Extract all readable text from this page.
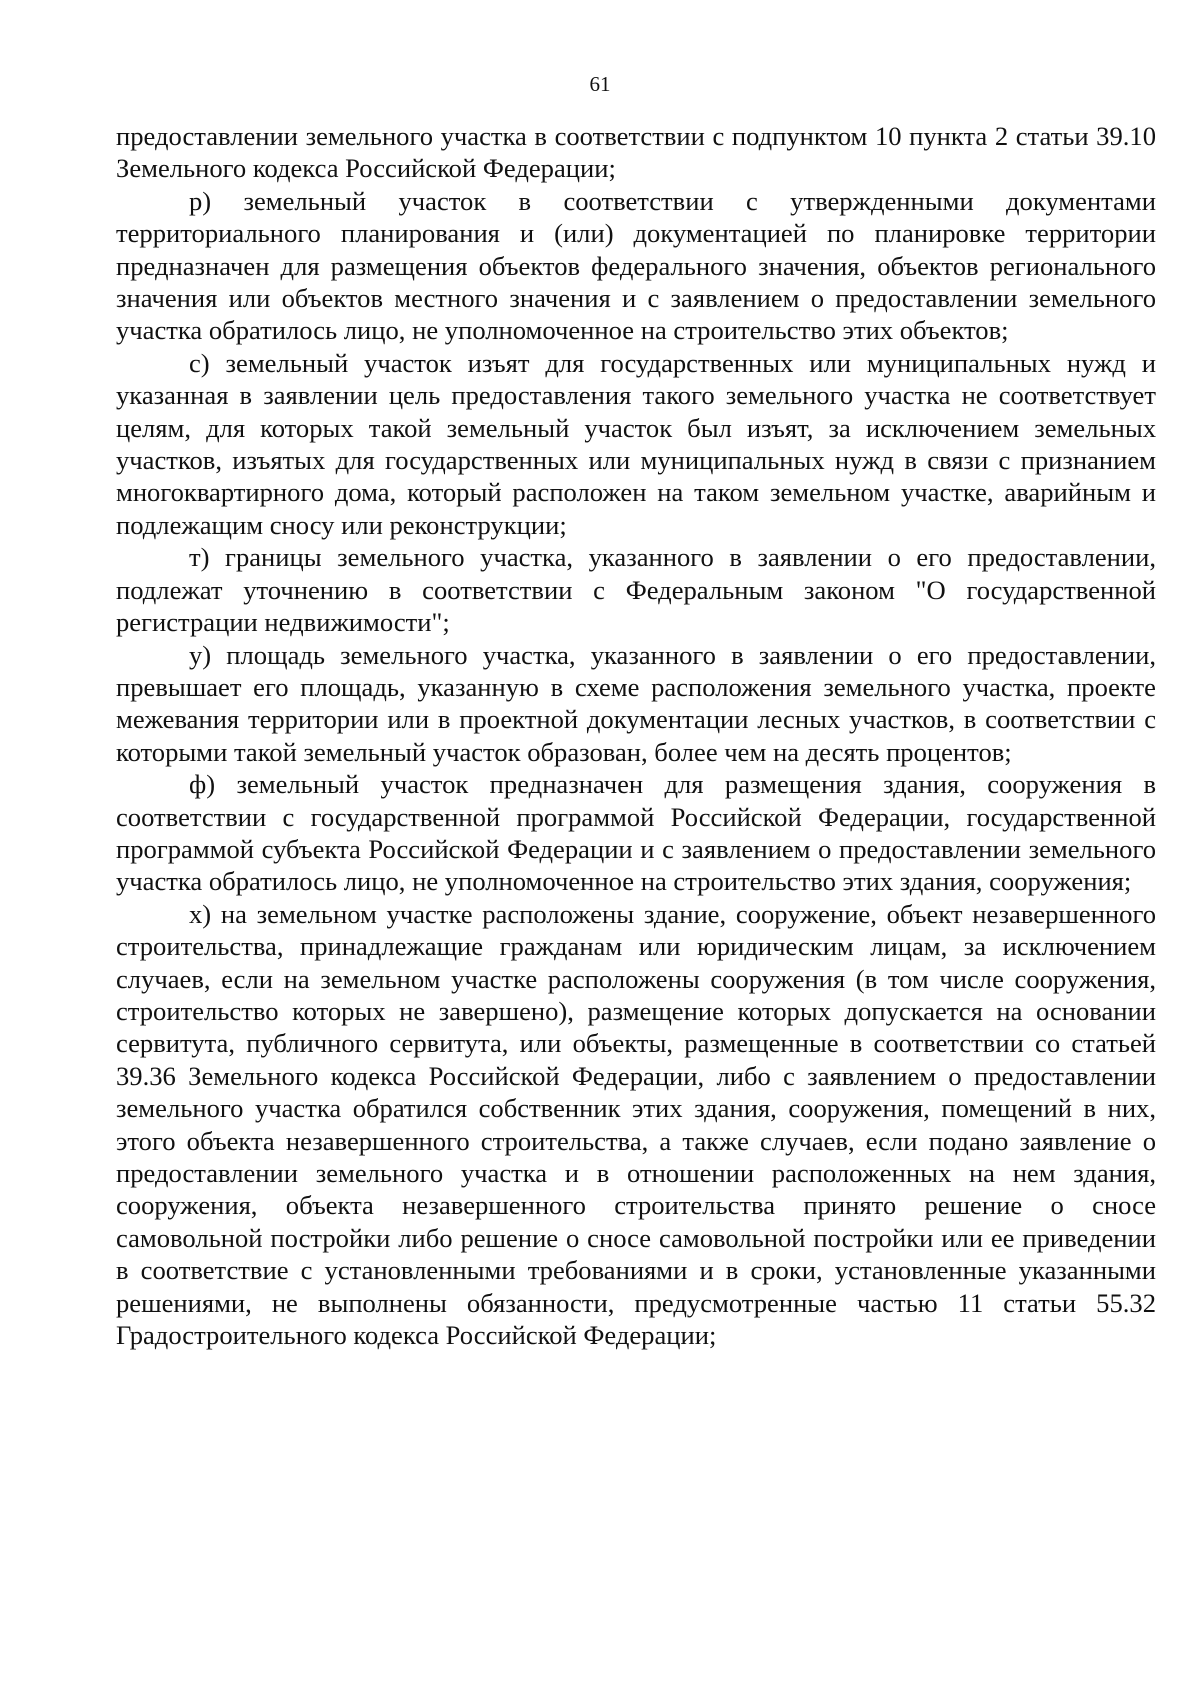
61

предоставлении земельного участка в соответствии с подпунктом 10 пункта 2 статьи 39.10 Земельного кодекса Российской Федерации;

р) земельный участок в соответствии с утвержденными документами территориального планирования и (или) документацией по планировке территории предназначен для размещения объектов федерального значения, объектов регионального значения или объектов местного значения и с заявлением о предоставлении земельного участка обратилось лицо, не уполномоченное на строительство этих объектов;

с) земельный участок изъят для государственных или муниципальных нужд и указанная в заявлении цель предоставления такого земельного участка не соответствует целям, для которых такой земельный участок был изъят, за исключением земельных участков, изъятых для государственных или муниципальных нужд в связи с признанием многоквартирного дома, который расположен на таком земельном участке, аварийным и подлежащим сносу или реконструкции;

т) границы земельного участка, указанного в заявлении о его предоставлении, подлежат уточнению в соответствии с Федеральным законом "О государственной регистрации недвижимости";

у) площадь земельного участка, указанного в заявлении о его предоставлении, превышает его площадь, указанную в схеме расположения земельного участка, проекте межевания территории или в проектной документации лесных участков, в соответствии с которыми такой земельный участок образован, более чем на десять процентов;

ф) земельный участок предназначен для размещения здания, сооружения в соответствии с государственной программой Российской Федерации, государственной программой субъекта Российской Федерации и с заявлением о предоставлении земельного участка обратилось лицо, не уполномоченное на строительство этих здания, сооружения;

х) на земельном участке расположены здание, сооружение, объект незавершенного строительства, принадлежащие гражданам или юридическим лицам, за исключением случаев, если на земельном участке расположены сооружения (в том числе сооружения, строительство которых не завершено), размещение которых допускается на основании сервитута, публичного сервитута, или объекты, размещенные в соответствии со статьей 39.36 Земельного кодекса Российской Федерации, либо с заявлением о предоставлении земельного участка обратился собственник этих здания, сооружения, помещений в них, этого объекта незавершенного строительства, а также случаев, если подано заявление о предоставлении земельного участка и в отношении расположенных на нем здания, сооружения, объекта незавершенного строительства принято решение о сносе самовольной постройки либо решение о сносе самовольной постройки или ее приведении в соответствие с установленными требованиями и в сроки, установленные указанными решениями, не выполнены обязанности, предусмотренные частью 11 статьи 55.32 Градостроительного кодекса Российской Федерации;
